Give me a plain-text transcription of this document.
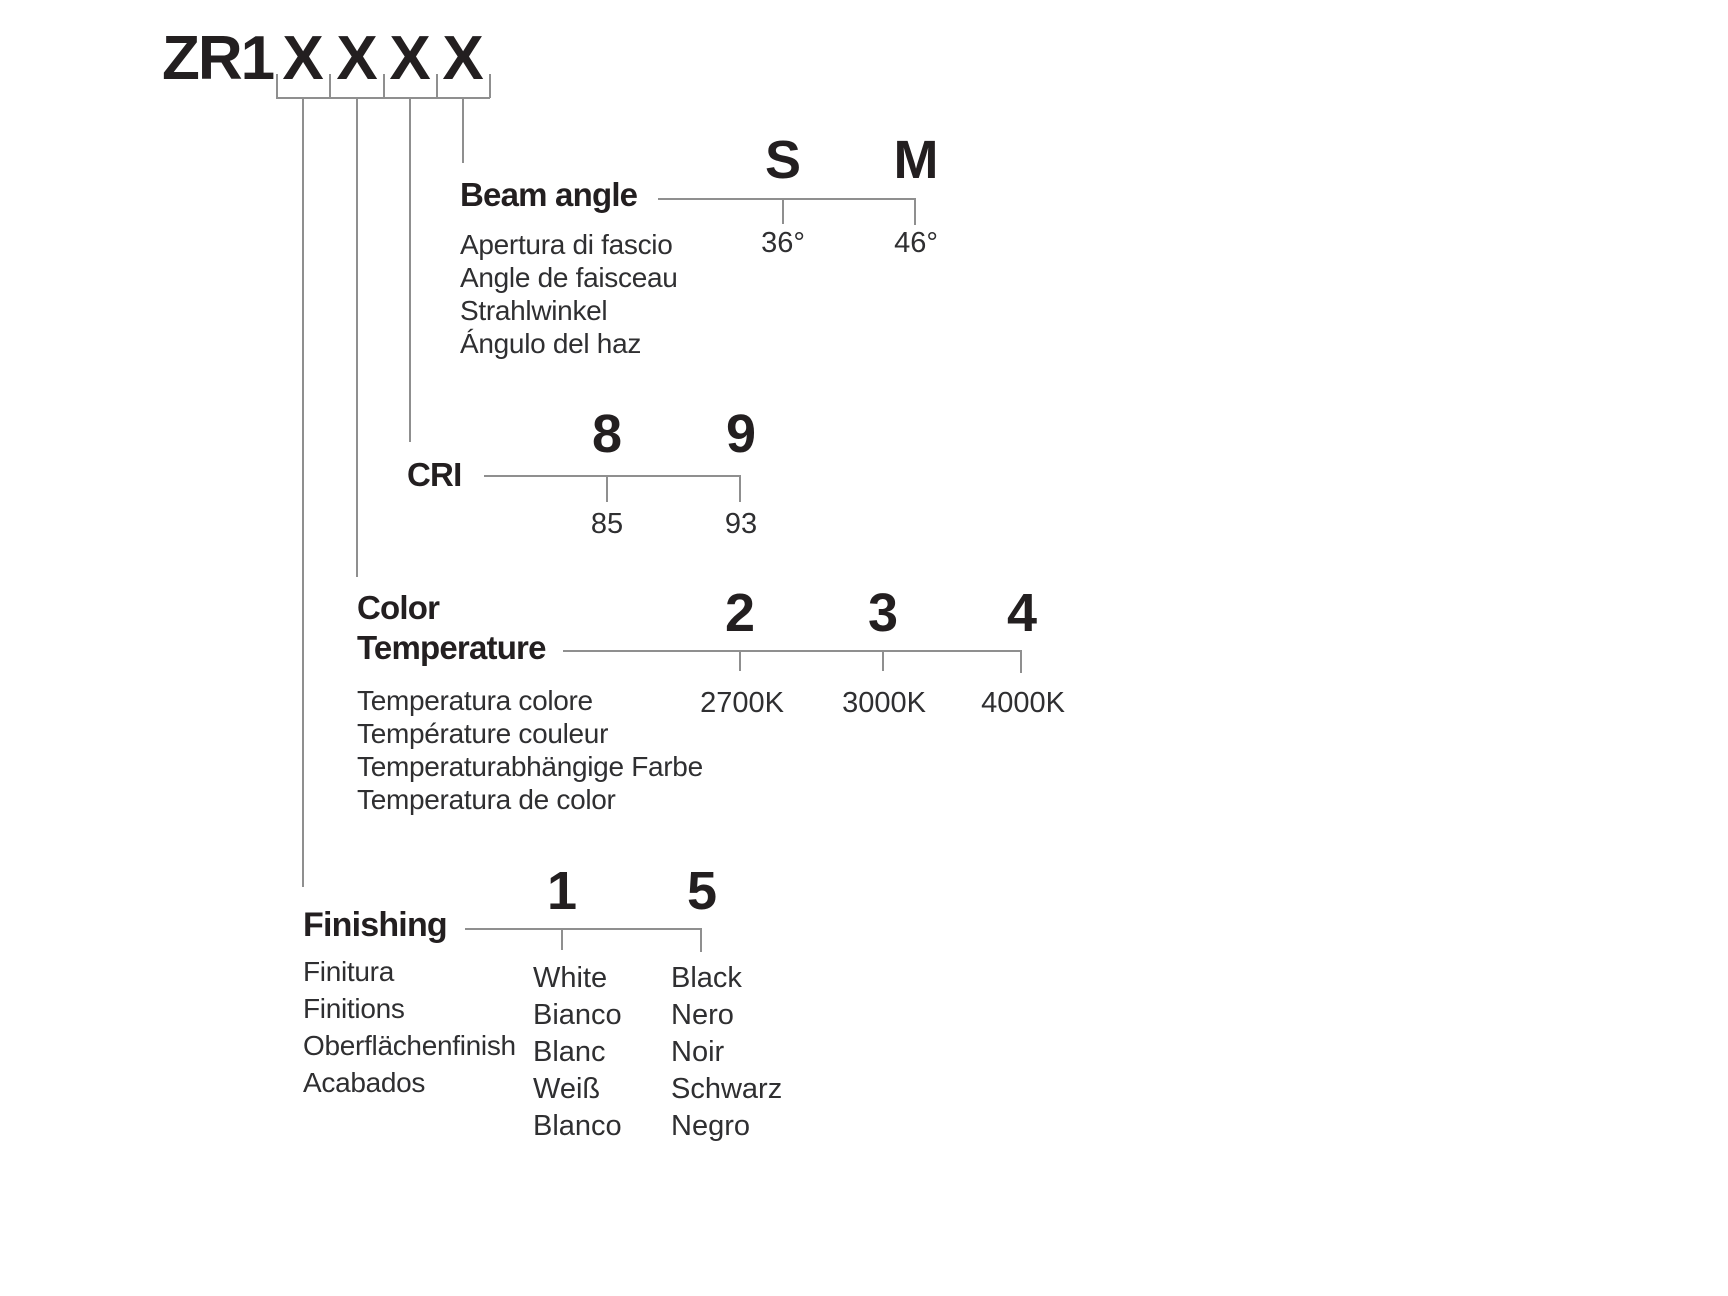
ZR1 X X X X
Beam angle
Apertura di fascio
Angle de faisceau
Strahlwinkel
Ángulo del haz
S	M
36°	46°
CRI
8	9
85	93
Color
Temperature
Temperatura colore
Température couleur
Temperaturabhängige Farbe
Temperatura de color
2	3	4
2700K	3000K	4000K
Finishing
Finitura
Finitions
Oberflächenfinish
Acabados
1	5
White
Bianco
Blanc
Weiß
Blanco
Black
Nero
Noir
Schwarz
Negro
